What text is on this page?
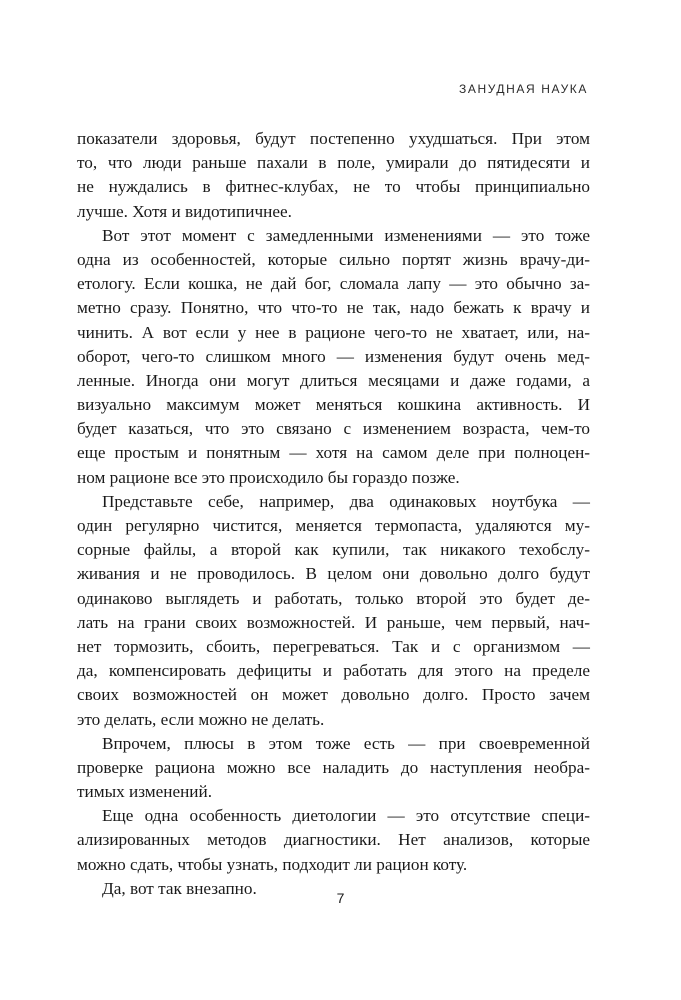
ЗАНУДНАЯ НАУКА
показатели здоровья, будут постепенно ухудшаться. При этом
то, что люди раньше пахали в поле, умирали до пятидесяти и
не нуждались в фитнес-клубах, не то чтобы принципиально
лучше. Хотя и видотипичнее.
Вот этот момент с замедленными изменениями — это тоже
одна из особенностей, которые сильно портят жизнь врачу-ди-
етологу. Если кошка, не дай бог, сломала лапу — это обычно за-
метно сразу. Понятно, что что-то не так, надо бежать к врачу и
чинить. А вот если у нее в рационе чего-то не хватает, или, на-
оборот, чего-то слишком много — изменения будут очень мед-
ленные. Иногда они могут длиться месяцами и даже годами, а
визуально максимум может меняться кошкина активность. И
будет казаться, что это связано с изменением возраста, чем-то
еще простым и понятным — хотя на самом деле при полноцен-
ном рационе все это происходило бы гораздо позже.
Представьте себе, например, два одинаковых ноутбука —
один регулярно чистится, меняется термопаста, удаляются му-
сорные файлы, а второй как купили, так никакого техобслу-
живания и не проводилось. В целом они довольно долго будут
одинаково выглядеть и работать, только второй это будет де-
лать на грани своих возможностей. И раньше, чем первый, нач-
нет тормозить, сбоить, перегреваться. Так и с организмом —
да, компенсировать дефициты и работать для этого на пределе
своих возможностей он может довольно долго. Просто зачем
это делать, если можно не делать.
Впрочем, плюсы в этом тоже есть — при своевременной
проверке рациона можно все наладить до наступления необра-
тимых изменений.
Еще одна особенность диетологии — это отсутствие специ-
ализированных методов диагностики. Нет анализов, которые
можно сдать, чтобы узнать, подходит ли рацион коту.
Да, вот так внезапно.
7
